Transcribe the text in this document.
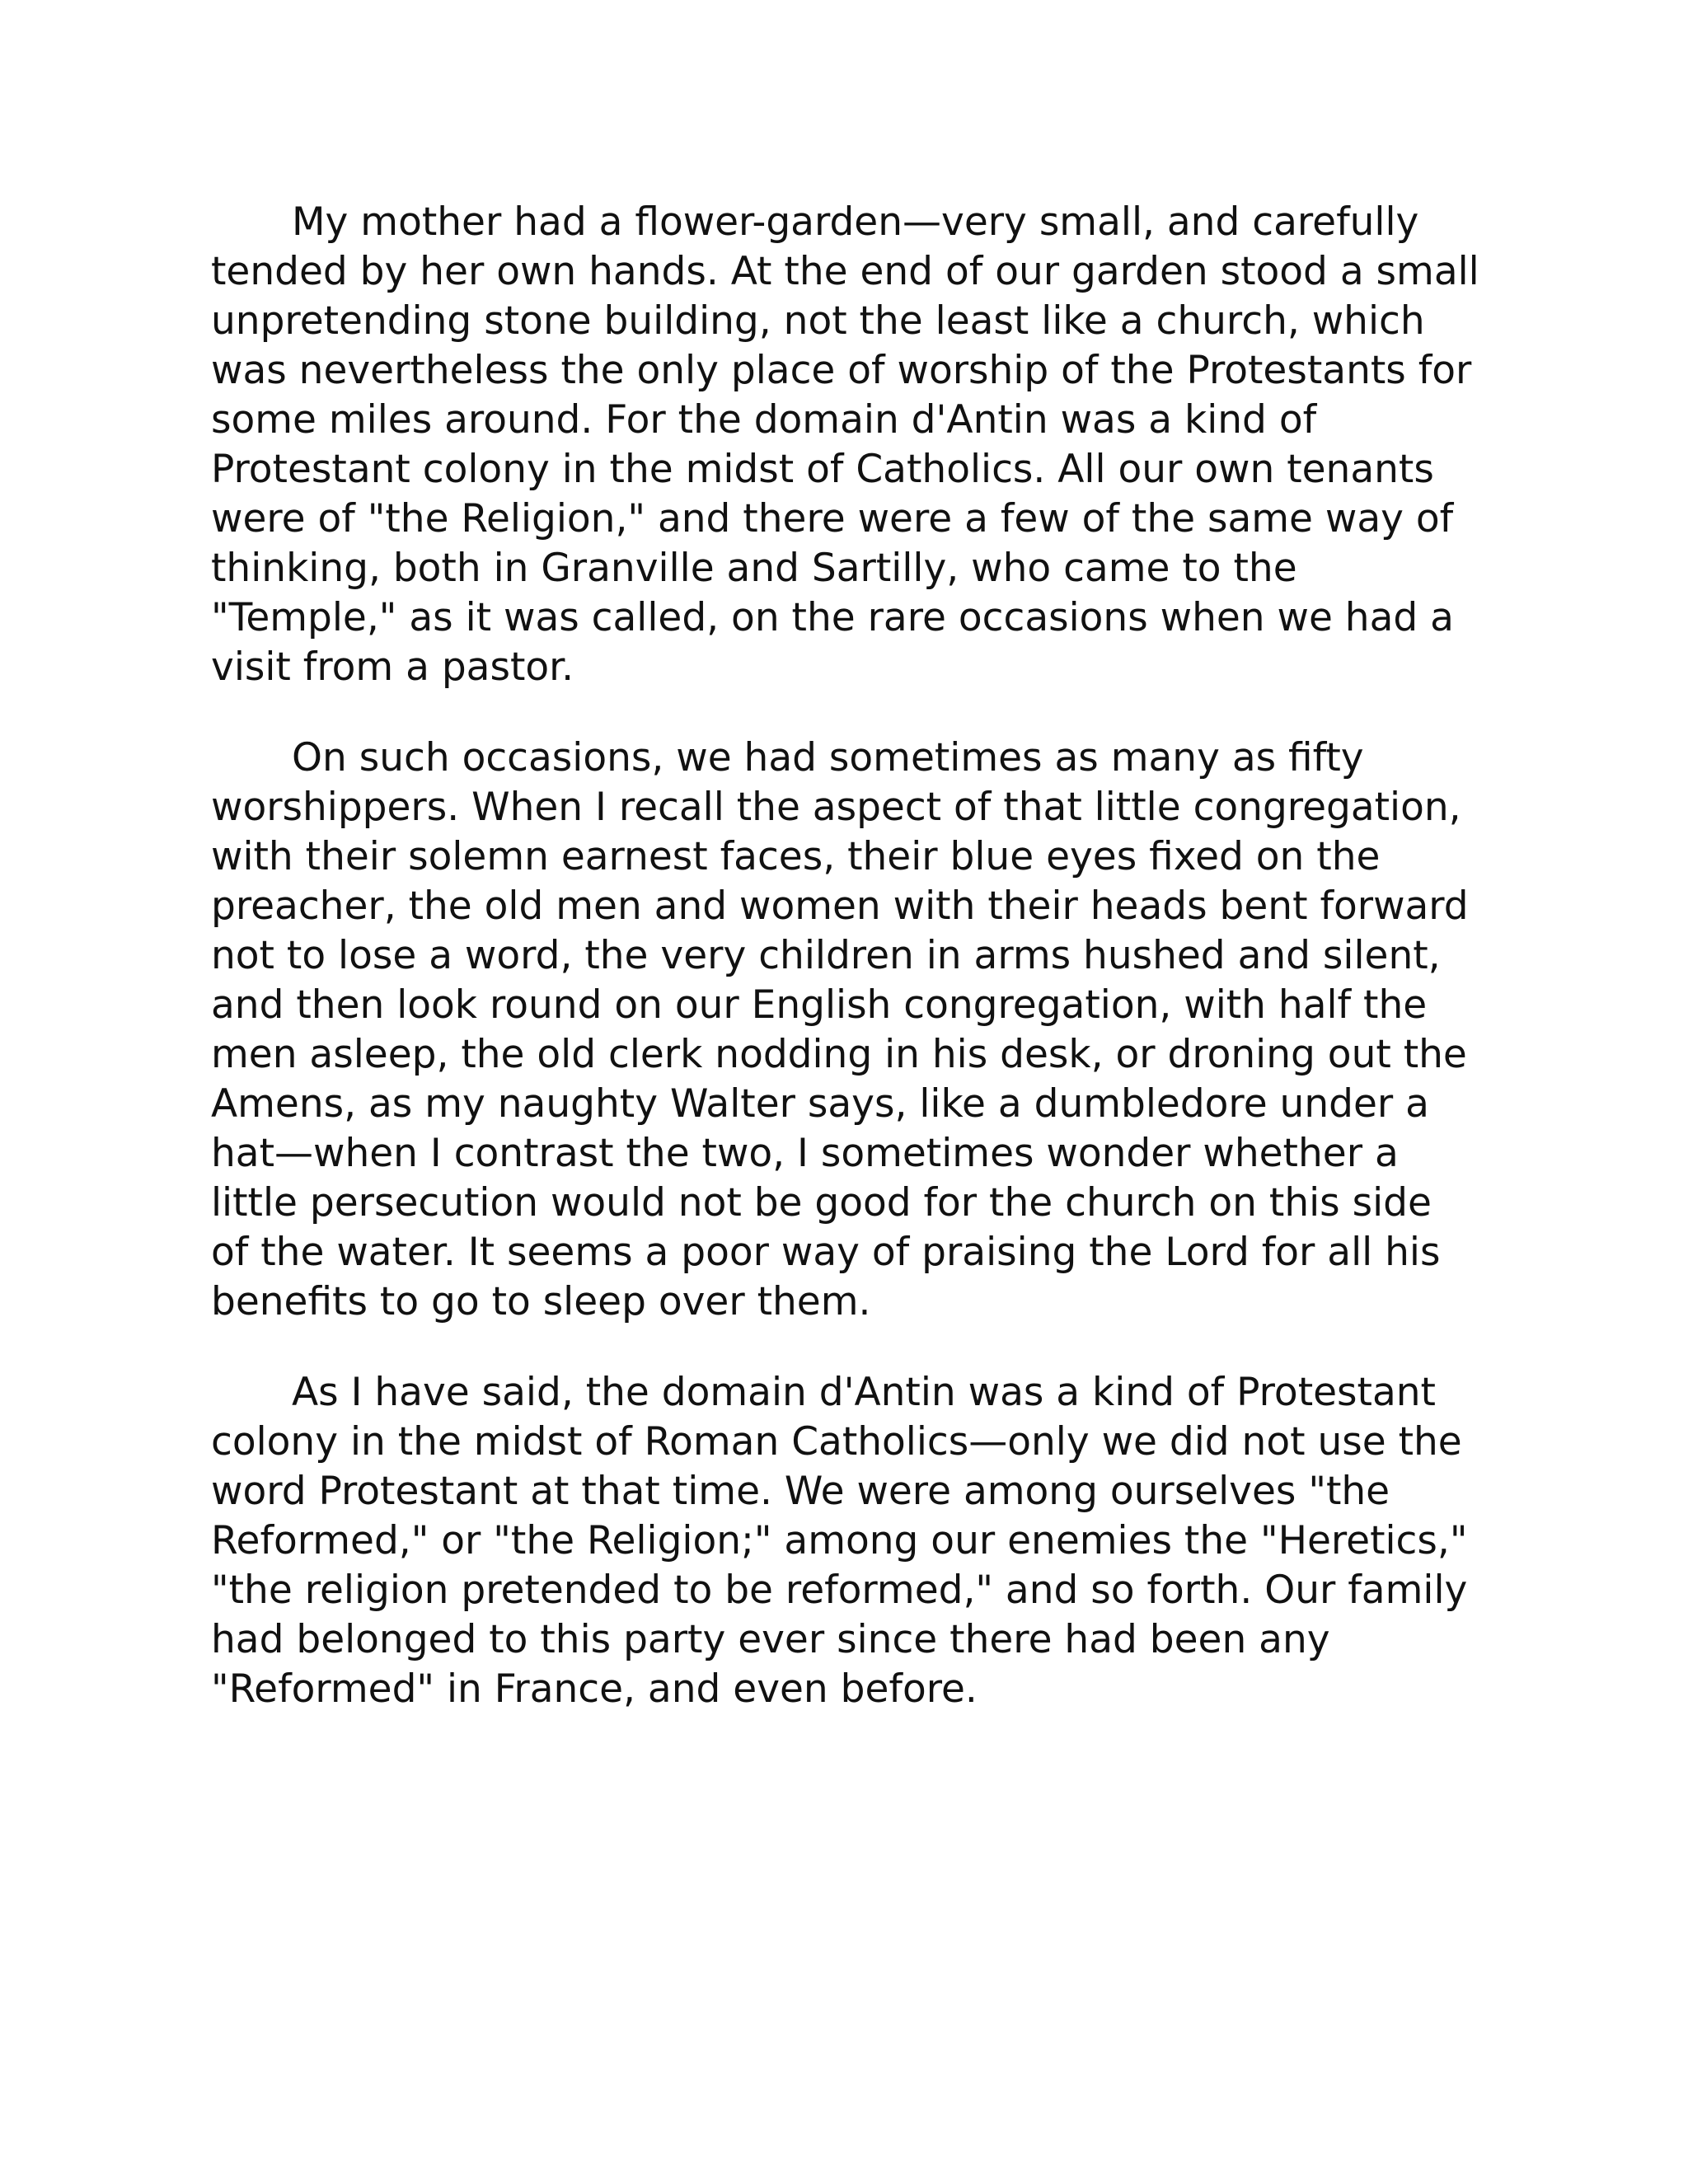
My mother had a flower-garden—very small, and carefully tended by her own hands. At the end of our garden stood a small unpretending stone building, not the least like a church, which was nevertheless the only place of worship of the Protestants for some miles around. For the domain d'Antin was a kind of Protestant colony in the midst of Catholics. All our own tenants were of "the Religion," and there were a few of the same way of thinking, both in Granville and Sartilly, who came to the "Temple," as it was called, on the rare occasions when we had a visit from a pastor.

On such occasions, we had sometimes as many as fifty worshippers. When I recall the aspect of that little congregation, with their solemn earnest faces, their blue eyes fixed on the preacher, the old men and women with their heads bent forward not to lose a word, the very children in arms hushed and silent, and then look round on our English congregation, with half the men asleep, the old clerk nodding in his desk, or droning out the Amens, as my naughty Walter says, like a dumbledore under a hat—when I contrast the two, I sometimes wonder whether a little persecution would not be good for the church on this side of the water. It seems a poor way of praising the Lord for all his benefits to go to sleep over them.

As I have said, the domain d'Antin was a kind of Protestant colony in the midst of Roman Catholics—only we did not use the word Protestant at that time. We were among ourselves "the Reformed," or "the Religion;" among our enemies the "Heretics," "the religion pretended to be reformed," and so forth. Our family had belonged to this party ever since there had been any "Reformed" in France, and even before.
